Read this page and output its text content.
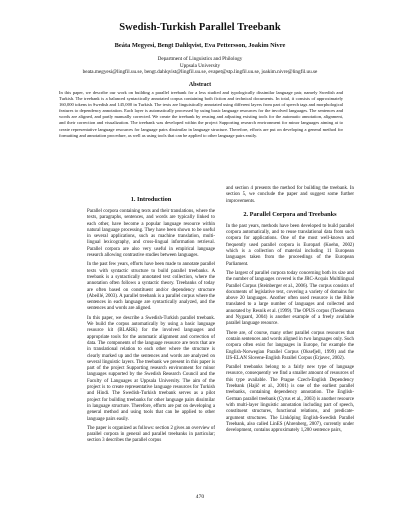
Swedish-Turkish Parallel Treebank
Beáta Megyesi, Bengt Dahlqvist, Eva Pettersson, Joakim Nivre
Department of Linguistics and Philology
Uppsala University
beata.megyesi@lingfil.uu.se, bengt.dahlqvist@lingfil.uu.se, evapet@stp.lingfil.uu.se, joakim.nivre@lingfil.uu.se
Abstract
In this paper, we describe our work on building a parallel treebank for a less studied and typologically dissimilar language pair, namely Swedish and Turkish. The treebank is a balanced syntactically annotated corpus containing both fiction and technical documents. In total, it consists of approximately 160,000 tokens in Swedish and 145,000 in Turkish. The texts are linguistically annotated using different layers from part of speech tags and morphological features to dependency annotation. Each layer is automatically processed by using basic language resources for the involved languages. The sentences and words are aligned, and partly manually corrected. We create the treebank by reusing and adjusting existing tools for the automatic annotation, alignment, and their correction and visualization. The treebank was developed within the project Supporting research environment for minor languages aiming at to create representative language resources for language pairs dissimilar in language structure. Therefore, efforts are put on developing a general method for formatting and annotation procedure, as well as using tools that can be applied to other language pairs easily.
1. Introduction

Parallel corpora containing texts and their translations, where the texts, paragraphs, sentences, and words are typically linked to each other, have become a popular language resource within natural language processing. They have been shown to be useful in several applications, such as machine translation, multi-lingual lexicography, and cross-lingual information retrieval. Parallel corpora are also very useful in empirical language research allowing contrastive studies between languages.

In the past few years, efforts have been made to annotate parallel texts with syntactic structure to build parallel treebanks. A treebank is a syntactically annotated text collection, where the annotation often follows a syntactic theory. Treebanks of today are often based on constituent and/or dependency structure (Abeillé, 2003). A parallel treebank is a parallel corpus where the sentences in each language are syntactically analyzed, and the sentences and words are aligned.

In this paper, we describe a Swedish-Turkish parallel treebank. We build the corpus automatically by using a basic language resource kit (BLARK) for the involved languages and appropriate tools for the automatic alignment and correction of data. The components of the language resource are texts that are in translational relation to each other where the structure is clearly marked up and the sentences and words are analyzed on several linguistic layers. The treebank we present in this paper is part of the project Supporting research environment for minor languages supported by the Swedish Research Council and the Faculty of Languages at Uppsala University. The aim of the project is to create representative language resources for Turkish and Hindi. The Swedish-Turkish treebank serves as a pilot project for building treebanks for other language pairs dissimilar in language structure. Therefore, efforts are put on developing a general method and using tools that can be applied to other language pairs easily.

The paper is organized as follows: section 2 gives an overview of parallel corpora in general and parallel treebanks in particular; section 3 describes the parallel corpus

and section 4 presents the method for building the treebank. In section 5, we conclude the paper and suggest some further improvements.

2. Parallel Corpora and Treebanks

In the past years, methods have been developed to build parallel corpora automatically, and to reuse translational data from such corpora for applications. One of the most well-known and frequently used parallel corpora is Europarl (Koehn, 2002) which is a collection of material including 11 European languages taken from the proceedings of the European Parliament.

The largest of parallel corpora today concerning both its size and the number of languages covered is the JRC-Acquis Multilingual Parallel Corpus (Steinberger et al., 2006). The corpus consists of documents of legislative text, covering a variety of domains for above 20 languages. Another often used resource is the Bible translated to a large number of languages and collected and annotated by Resnik et al. (1999). The OPUS corpus (Tiedemann and Nygaard, 2004) is another example of a freely available parallel language resource.

There are, of course, many other parallel corpus resources that contain sentences and words aligned in two languages only. Such corpora often exist for languages in Europe, for example the English-Norwegian Parallel Corpus (Oksefjell, 1999) and the IJS-ELAN Slovene-English Parallel Corpus (Erjavec, 2002).

Parallel treebanks belong to a fairly new type of language resource, consequently we find a smaller amount of resources of this type available. The Prague Czech-English Dependency Treebank (Hajič et al., 2001) is one of the earliest parallel treebanks, containing dependency annotation. The English-German parallel treebank (Cyrus et al., 2003) is another resource with multi-layer linguistic annotation including part of speech, constituent structures, functional relations, and predicate-argument structures. The Linköping English-Swedish Parallel Treebank, also called LinES (Ahrenberg, 2007), currently under development, contains approximately 1,200 sentence pairs,

470
